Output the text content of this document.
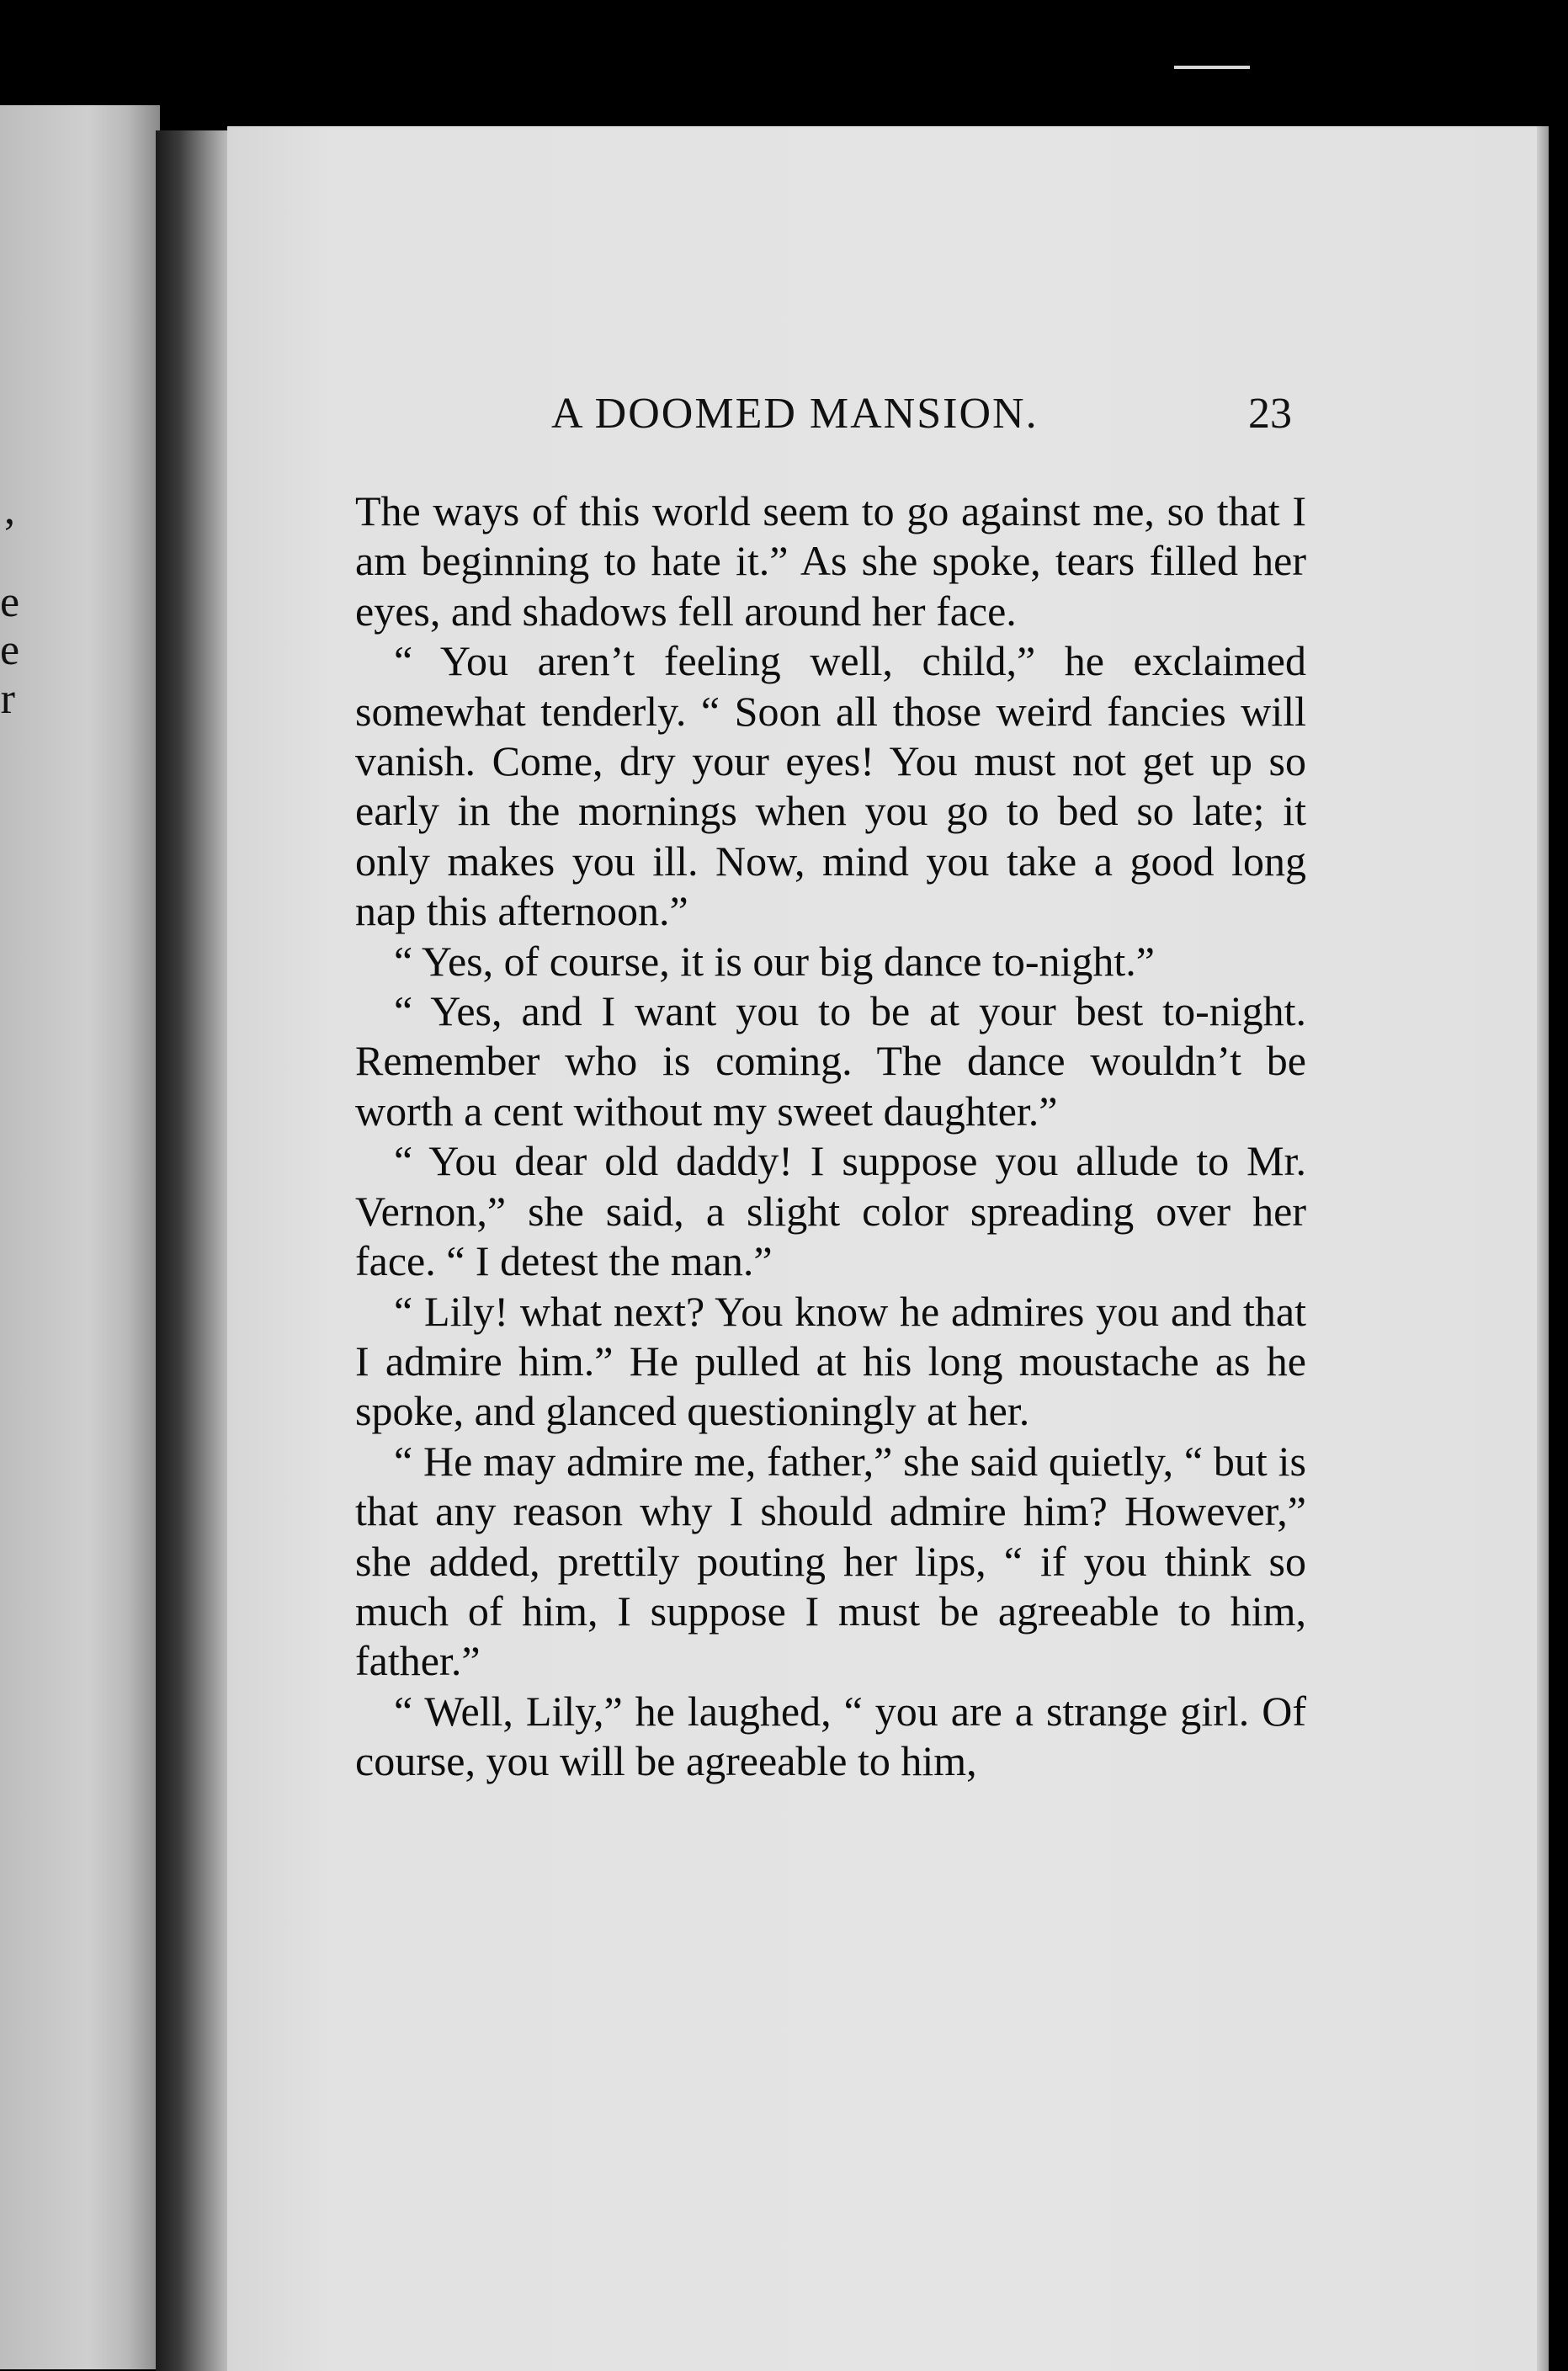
,
e
e
r
A DOOMED MANSION.	23

The ways of this world seem to go against me, so that I am beginning to hate it.” As she spoke, tears filled her eyes, and shadows fell around her face.

“ You aren’t feeling well, child,” he exclaimed somewhat tenderly. “ Soon all those weird fancies will vanish. Come, dry your eyes! You must not get up so early in the mornings when you go to bed so late; it only makes you ill. Now, mind you take a good long nap this afternoon.”

“ Yes, of course, it is our big dance to-night.”

“ Yes, and I want you to be at your best to-night. Remember who is coming. The dance wouldn’t be worth a cent without my sweet daughter.”

“ You dear old daddy! I suppose you allude to Mr. Vernon,” she said, a slight color spreading over her face. “ I detest the man.”

“ Lily! what next? You know he admires you and that I admire him.” He pulled at his long moustache as he spoke, and glanced questioningly at her.

“ He may admire me, father,” she said quietly, “ but is that any reason why I should admire him? However,” she added, prettily pouting her lips, “ if you think so much of him, I suppose I must be agreeable to him, father.”

“ Well, Lily,” he laughed, “ you are a strange girl. Of course, you will be agreeable to him,
